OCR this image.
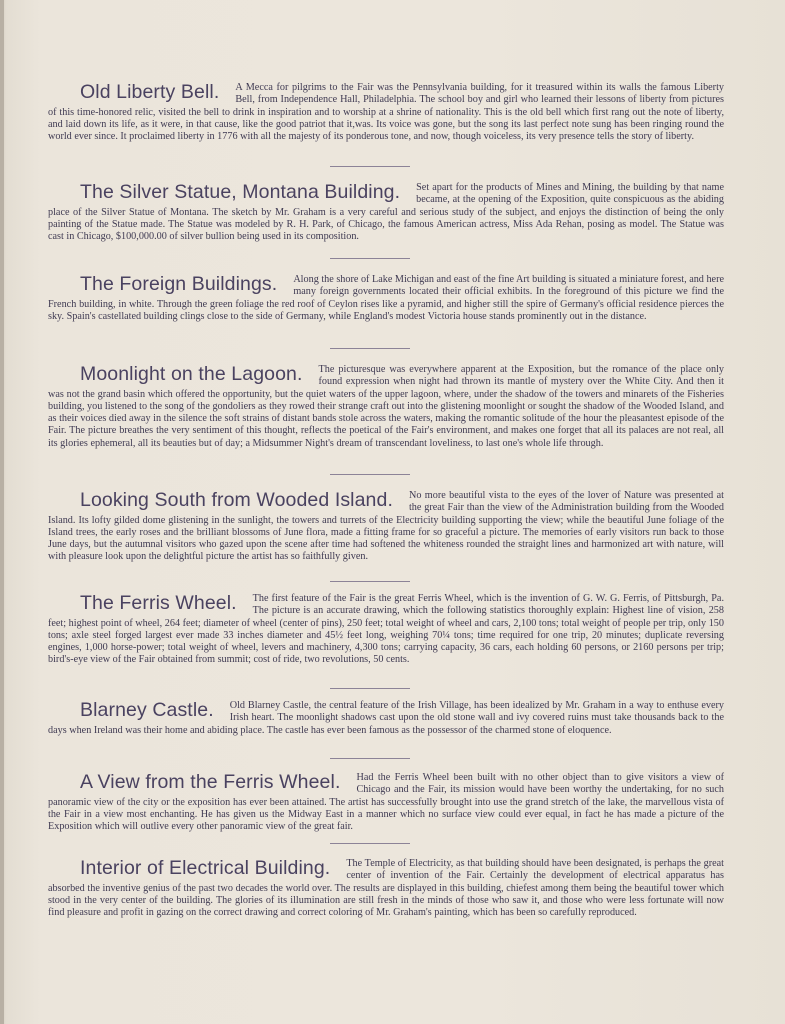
Old Liberty Bell.	A Mecca for pilgrims to the Fair was the Pennsylvania building, for it treasured within its walls the famous Liberty Bell, from Independence Hall, Philadelphia. The school boy and girl who learned their lessons of liberty from pictures of this time-honored relic, visited the bell to drink in inspiration and to worship at a shrine of nationality. This is the old bell which first rang out the note of liberty, and laid down its life, as it were, in that cause, like the good patriot that it,was. Its voice was gone, but the song its last perfect note sung has been ringing round the world ever since. It proclaimed liberty in 1776 with all the majesty of its ponderous tone, and now, though voiceless, its very presence tells the story of liberty.

The Silver Statue, Montana Building.	Set apart for the products of Mines and Mining, the building by that name became, at the opening of the Exposition, quite conspicuous as the abiding place of the Silver Statue of Montana. The sketch by Mr. Graham is a very careful and serious study of the subject, and enjoys the distinction of being the only painting of the Statue made. The Statue was modeled by R. H. Park, of Chicago, the famous American actress, Miss Ada Rehan, posing as model. The Statue was cast in Chicago, $100,000.00 of silver bullion being used in its composition.

The Foreign Buildings.	Along the shore of Lake Michigan and east of the fine Art building is situated a miniature forest, and here many foreign governments located their official exhibits. In the foreground of this picture we find the French building, in white. Through the green foliage the red roof of Ceylon rises like a pyramid, and higher still the spire of Germany's official residence pierces the sky. Spain's castellated building clings close to the side of Germany, while England's modest Victoria house stands prominently out in the distance.

Moonlight on the Lagoon.	The picturesque was everywhere apparent at the Exposition, but the romance of the place only found expression when night had thrown its mantle of mystery over the White City. And then it was not the grand basin which offered the opportunity, but the quiet waters of the upper lagoon, where, under the shadow of the towers and minarets of the Fisheries building, you listened to the song of the gondoliers as they rowed their strange craft out into the glistening moonlight or sought the shadow of the Wooded Island, and as their voices died away in the silence the soft strains of distant bands stole across the waters, making the romantic solitude of the hour the pleasantest episode of the Fair. The picture breathes the very sentiment of this thought, reflects the poetical of the Fair's environment, and makes one forget that all its palaces are not real, all its glories ephemeral, all its beauties but of day; a Midsummer Night's dream of transcendant loveliness, to last one's whole life through.

Looking South from Wooded Island.	No more beautiful vista to the eyes of the lover of Nature was presented at the great Fair than the view of the Administration building from the Wooded Island. Its lofty gilded dome glistening in the sunlight, the towers and turrets of the Electricity building supporting the view; while the beautiful June foliage of the Island trees, the early roses and the brilliant blossoms of June flora, made a fitting frame for so graceful a picture. The memories of early visitors run back to those June days, but the autumnal visitors who gazed upon the scene after time had softened the whiteness rounded the straight lines and harmonized art with nature, will with pleasure look upon the delightful picture the artist has so faithfully given.

The Ferris Wheel.	The first feature of the Fair is the great Ferris Wheel, which is the invention of G. W. G. Ferris, of Pittsburgh, Pa. The picture is an accurate drawing, which the following statistics thoroughly explain: Highest line of vision, 258 feet; highest point of wheel, 264 feet; diameter of wheel (center of pins), 250 feet; total weight of wheel and cars, 2,100 tons; total weight of people per trip, only 150 tons; axle steel forged largest ever made 33 inches diameter and 45½ feet long, weighing 70¼ tons; time required for one trip, 20 minutes; duplicate reversing engines, 1,000 horse-power; total weight of wheel, levers and machinery, 4,300 tons; carrying capacity, 36 cars, each holding 60 persons, or 2160 persons per trip; bird's-eye view of the Fair obtained from summit; cost of ride, two revolutions, 50 cents.

Blarney Castle.	Old Blarney Castle, the central feature of the Irish Village, has been idealized by Mr. Graham in a way to enthuse every Irish heart. The moonlight shadows cast upon the old stone wall and ivy covered ruins must take thousands back to the days when Ireland was their home and abiding place. The castle has ever been famous as the possessor of the charmed stone of eloquence.

A View from the Ferris Wheel.	Had the Ferris Wheel been built with no other object than to give visitors a view of Chicago and the Fair, its mission would have been worthy the undertaking, for no such panoramic view of the city or the exposition has ever been attained. The artist has successfully brought into use the grand stretch of the lake, the marvellous vista of the Fair in a view most enchanting. He has given us the Midway East in a manner which no surface view could ever equal, in fact he has made a picture of the Exposition which will outlive every other panoramic view of the great fair.

Interior of Electrical Building.	The Temple of Electricity, as that building should have been designated, is perhaps the great center of invention of the Fair. Certainly the development of electrical apparatus has absorbed the inventive genius of the past two decades the world over. The results are displayed in this building, chiefest among them being the beautiful tower which stood in the very center of the building. The glories of its illumination are still fresh in the minds of those who saw it, and those who were less fortunate will now find pleasure and profit in gazing on the correct drawing and correct coloring of Mr. Graham's painting, which has been so carefully reproduced.
